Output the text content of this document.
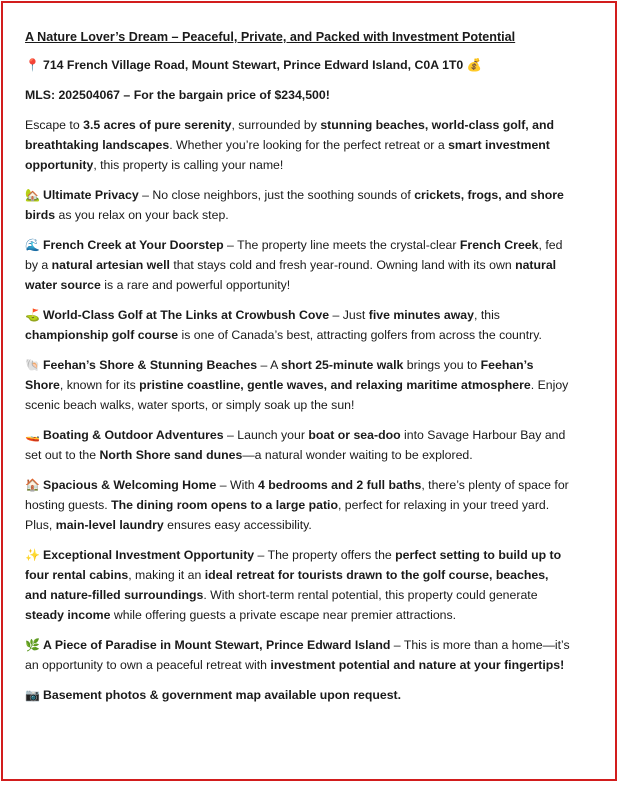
A Nature Lover’s Dream – Peaceful, Private, and Packed with Investment Potential

📍 714 French Village Road, Mount Stewart, Prince Edward Island, C0A 1T0 💰

MLS: 202504067 – For the bargain price of $234,500!

Escape to 3.5 acres of pure serenity, surrounded by stunning beaches, world-class golf, and breathtaking landscapes. Whether you’re looking for the perfect retreat or a smart investment opportunity, this property is calling your name!

🏡 Ultimate Privacy – No close neighbors, just the soothing sounds of crickets, frogs, and shore birds as you relax on your back step.

🌊 French Creek at Your Doorstep – The property line meets the crystal-clear French Creek, fed by a natural artesian well that stays cold and fresh year-round. Owning land with its own natural water source is a rare and powerful opportunity!

⛳ World-Class Golf at The Links at Crowbush Cove – Just five minutes away, this championship golf course is one of Canada’s best, attracting golfers from across the country.

🐚 Feehan’s Shore & Stunning Beaches – A short 25-minute walk brings you to Feehan’s Shore, known for its pristine coastline, gentle waves, and relaxing maritime atmosphere. Enjoy scenic beach walks, water sports, or simply soak up the sun!

🚤 Boating & Outdoor Adventures – Launch your boat or sea-doo into Savage Harbour Bay and set out to the North Shore sand dunes—a natural wonder waiting to be explored.

🏠 Spacious & Welcoming Home – With 4 bedrooms and 2 full baths, there’s plenty of space for hosting guests. The dining room opens to a large patio, perfect for relaxing in your treed yard. Plus, main-level laundry ensures easy accessibility.

✨ Exceptional Investment Opportunity – The property offers the perfect setting to build up to four rental cabins, making it an ideal retreat for tourists drawn to the golf course, beaches, and nature-filled surroundings. With short-term rental potential, this property could generate steady income while offering guests a private escape near premier attractions.

🌿 A Piece of Paradise in Mount Stewart, Prince Edward Island – This is more than a home—it’s an opportunity to own a peaceful retreat with investment potential and nature at your fingertips!

📷 Basement photos & government map available upon request.
